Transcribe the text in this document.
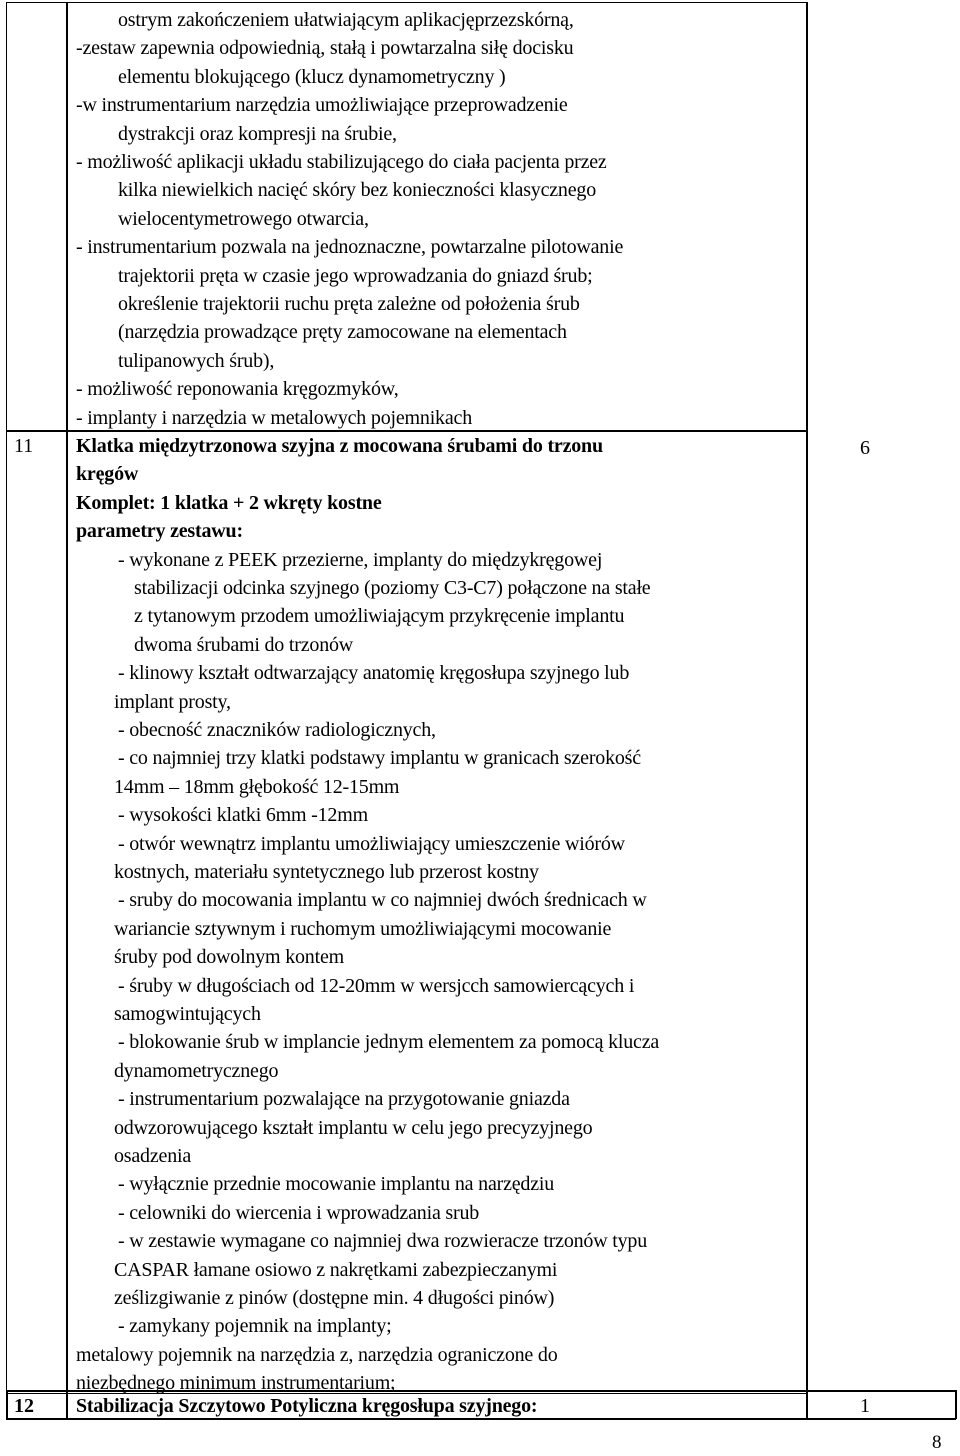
ostrym zakończeniem ułatwiającym aplikacjęprzezskórną,
-zestaw zapewnia odpowiednią, stałą i powtarzalna siłę docisku
elementu blokującego (klucz dynamometryczny )
-w instrumentarium narzędzia umożliwiające przeprowadzenie
dystrakcji oraz kompresji na śrubie,
- możliwość aplikacji układu stabilizującego do ciała pacjenta przez
kilka niewielkich nacięć skóry bez konieczności klasycznego
wielocentymetrowego otwarcia,
- instrumentarium pozwala na jednoznaczne, powtarzalne pilotowanie
trajektorii pręta w czasie jego wprowadzania do gniazd śrub;
określenie trajektorii ruchu pręta zależne od położenia śrub
(narzędzia prowadzące pręty zamocowane na elementach
tulipanowych śrub),
- możliwość reponowania kręgozmyków,
- implanty i narzędzia w metalowych pojemnikach
11 Klatka międzytrzonowa szyjna z mocowana śrubami do trzonu
kręgów
Komplet: 1 klatka + 2 wkręty kostne
parametry zestawu:
- wykonane z PEEK przezierne, implanty do międzykręgowej
stabilizacji odcinka szyjnego (poziomy C3-C7) połączone na stałe
z tytanowym przodem umożliwiającym przykręcenie implantu
dwoma śrubami do trzonów
- klinowy kształt odtwarzający anatomię kręgosłupa szyjnego lub
implant prosty,
- obecność znaczników radiologicznych,
- co najmniej trzy klatki podstawy implantu w granicach szerokość
14mm – 18mm głębokość 12-15mm
- wysokości klatki 6mm -12mm
- otwór wewnątrz implantu umożliwiający umieszczenie wiórów
kostnych, materiału syntetycznego lub przerost kostny
- sruby do mocowania implantu w co najmniej dwóch średnicach w
wariancie sztywnym i ruchomym umożliwiającymi mocowanie
śruby pod dowolnym kontem
- śruby w długościach od 12-20mm w wersjcch samowiercących i
samogwintujących
- blokowanie śrub w implancie jednym elementem za pomocą klucza
dynamometrycznego
- instrumentarium pozwalające na przygotowanie gniazda
odwzorowującego kształt implantu w celu jego precyzyjnego
osadzenia
- wyłącznie przednie mocowanie implantu na narzędziu
- celowniki do wiercenia i wprowadzania srub
- w zestawie wymagane co najmniej dwa rozwieracze trzonów typu
CASPAR łamane osiowo z nakrętkami zabezpieczanymi
ześlizgiwanie z pinów (dostępne min. 4 długości pinów)
- zamykany pojemnik na implanty;
metalowy pojemnik na narzędzia z, narzędzia ograniczone do
niezbędnego minimum instrumentarium;
6
12 Stabilizacja Szczytowo Potyliczna kręgosłupa szyjnego:	1
8
